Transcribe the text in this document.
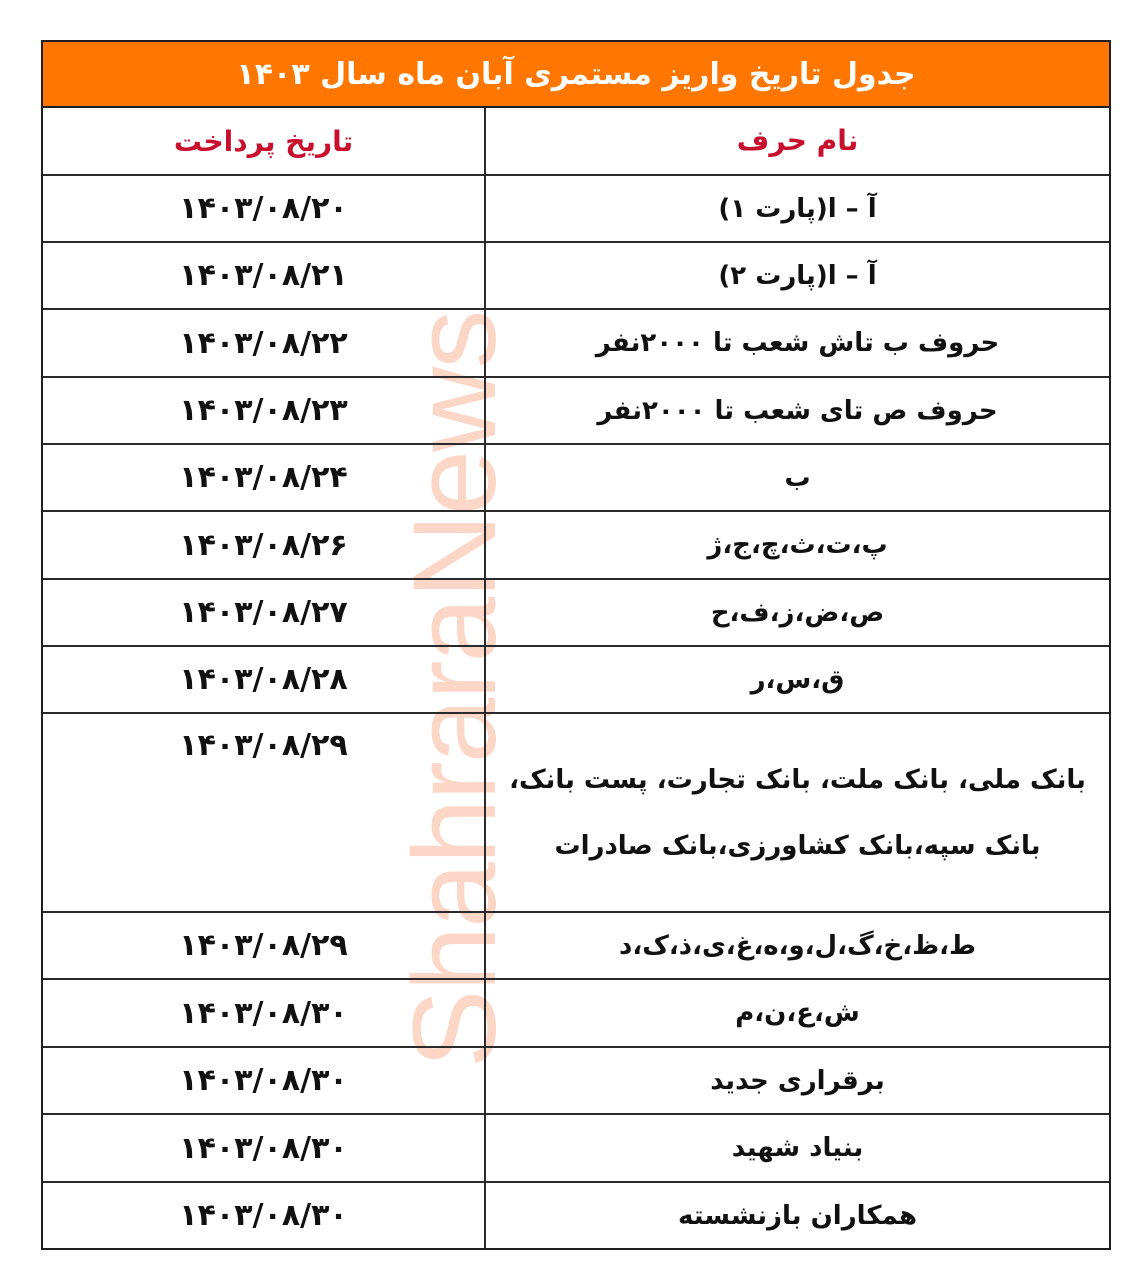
ShahraraNews
جدول تاریخ واریز مستمری آبان ماه سال ۱۴۰۳
نام حرف
تاریخ پرداخت
آ – ا(پارت ۱)
۱۴۰۳/۰۸/۲۰
آ – ا(پارت ۲)
۱۴۰۳/۰۸/۲۱
حروف ب تاش شعب تا ۲۰۰۰نفر
۱۴۰۳/۰۸/۲۲
حروف ص تای شعب تا ۲۰۰۰نفر
۱۴۰۳/۰۸/۲۳
ب
۱۴۰۳/۰۸/۲۴
پ،ت،ث،چ،ج،ژ
۱۴۰۳/۰۸/۲۶
ص،ض،ز،ف،ح
۱۴۰۳/۰۸/۲۷
ق،س،ر
۱۴۰۳/۰۸/۲۸
بانک ملی، بانک ملت، بانک تجارت، پست بانک، بانک سپه،بانک کشاورزی،بانک صادرات
۱۴۰۳/۰۸/۲۹
ط،ظ،خ،گ،ل،و،ه،غ،ی،ذ،ک،د
۱۴۰۳/۰۸/۲۹
ش،ع،ن،م
۱۴۰۳/۰۸/۳۰
برقراری جدید
۱۴۰۳/۰۸/۳۰
بنیاد شهید
۱۴۰۳/۰۸/۳۰
همکاران بازنشسته
۱۴۰۳/۰۸/۳۰
